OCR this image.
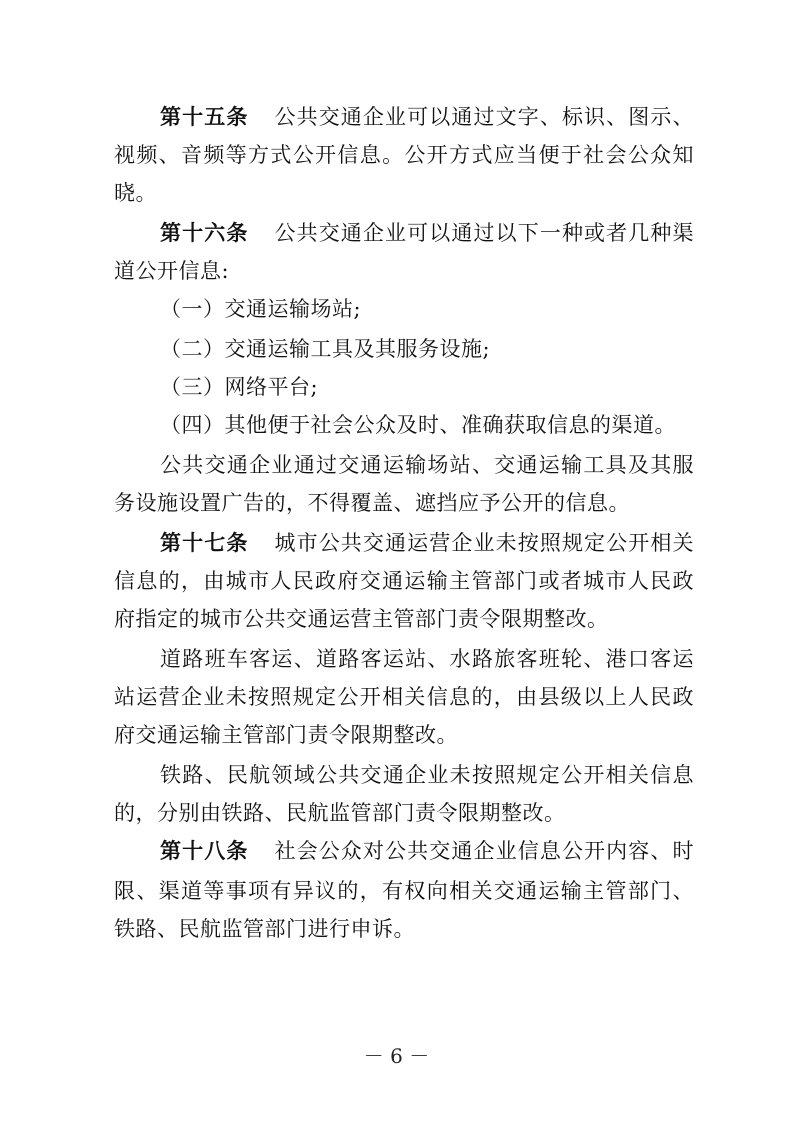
第十五条 公共交通企业可以通过文字、标识、图示、
视频、音频等方式公开信息。公开方式应当便于社会公众知
晓。
第十六条 公共交通企业可以通过以下一种或者几种渠
道公开信息:
（一）交通运输场站;
（二）交通运输工具及其服务设施;
（三）网络平台;
（四）其他便于社会公众及时、准确获取信息的渠道。
公共交通企业通过交通运输场站、交通运输工具及其服
务设施设置广告的，不得覆盖、遮挡应予公开的信息。
第十七条 城市公共交通运营企业未按照规定公开相关
信息的，由城市人民政府交通运输主管部门或者城市人民政
府指定的城市公共交通运营主管部门责令限期整改。
道路班车客运、道路客运站、水路旅客班轮、港口客运
站运营企业未按照规定公开相关信息的，由县级以上人民政
府交通运输主管部门责令限期整改。
铁路、民航领域公共交通企业未按照规定公开相关信息
的，分别由铁路、民航监管部门责令限期整改。
第十八条 社会公众对公共交通企业信息公开内容、时
限、渠道等事项有异议的，有权向相关交通运输主管部门、
铁路、民航监管部门进行申诉。
－ 6 －
